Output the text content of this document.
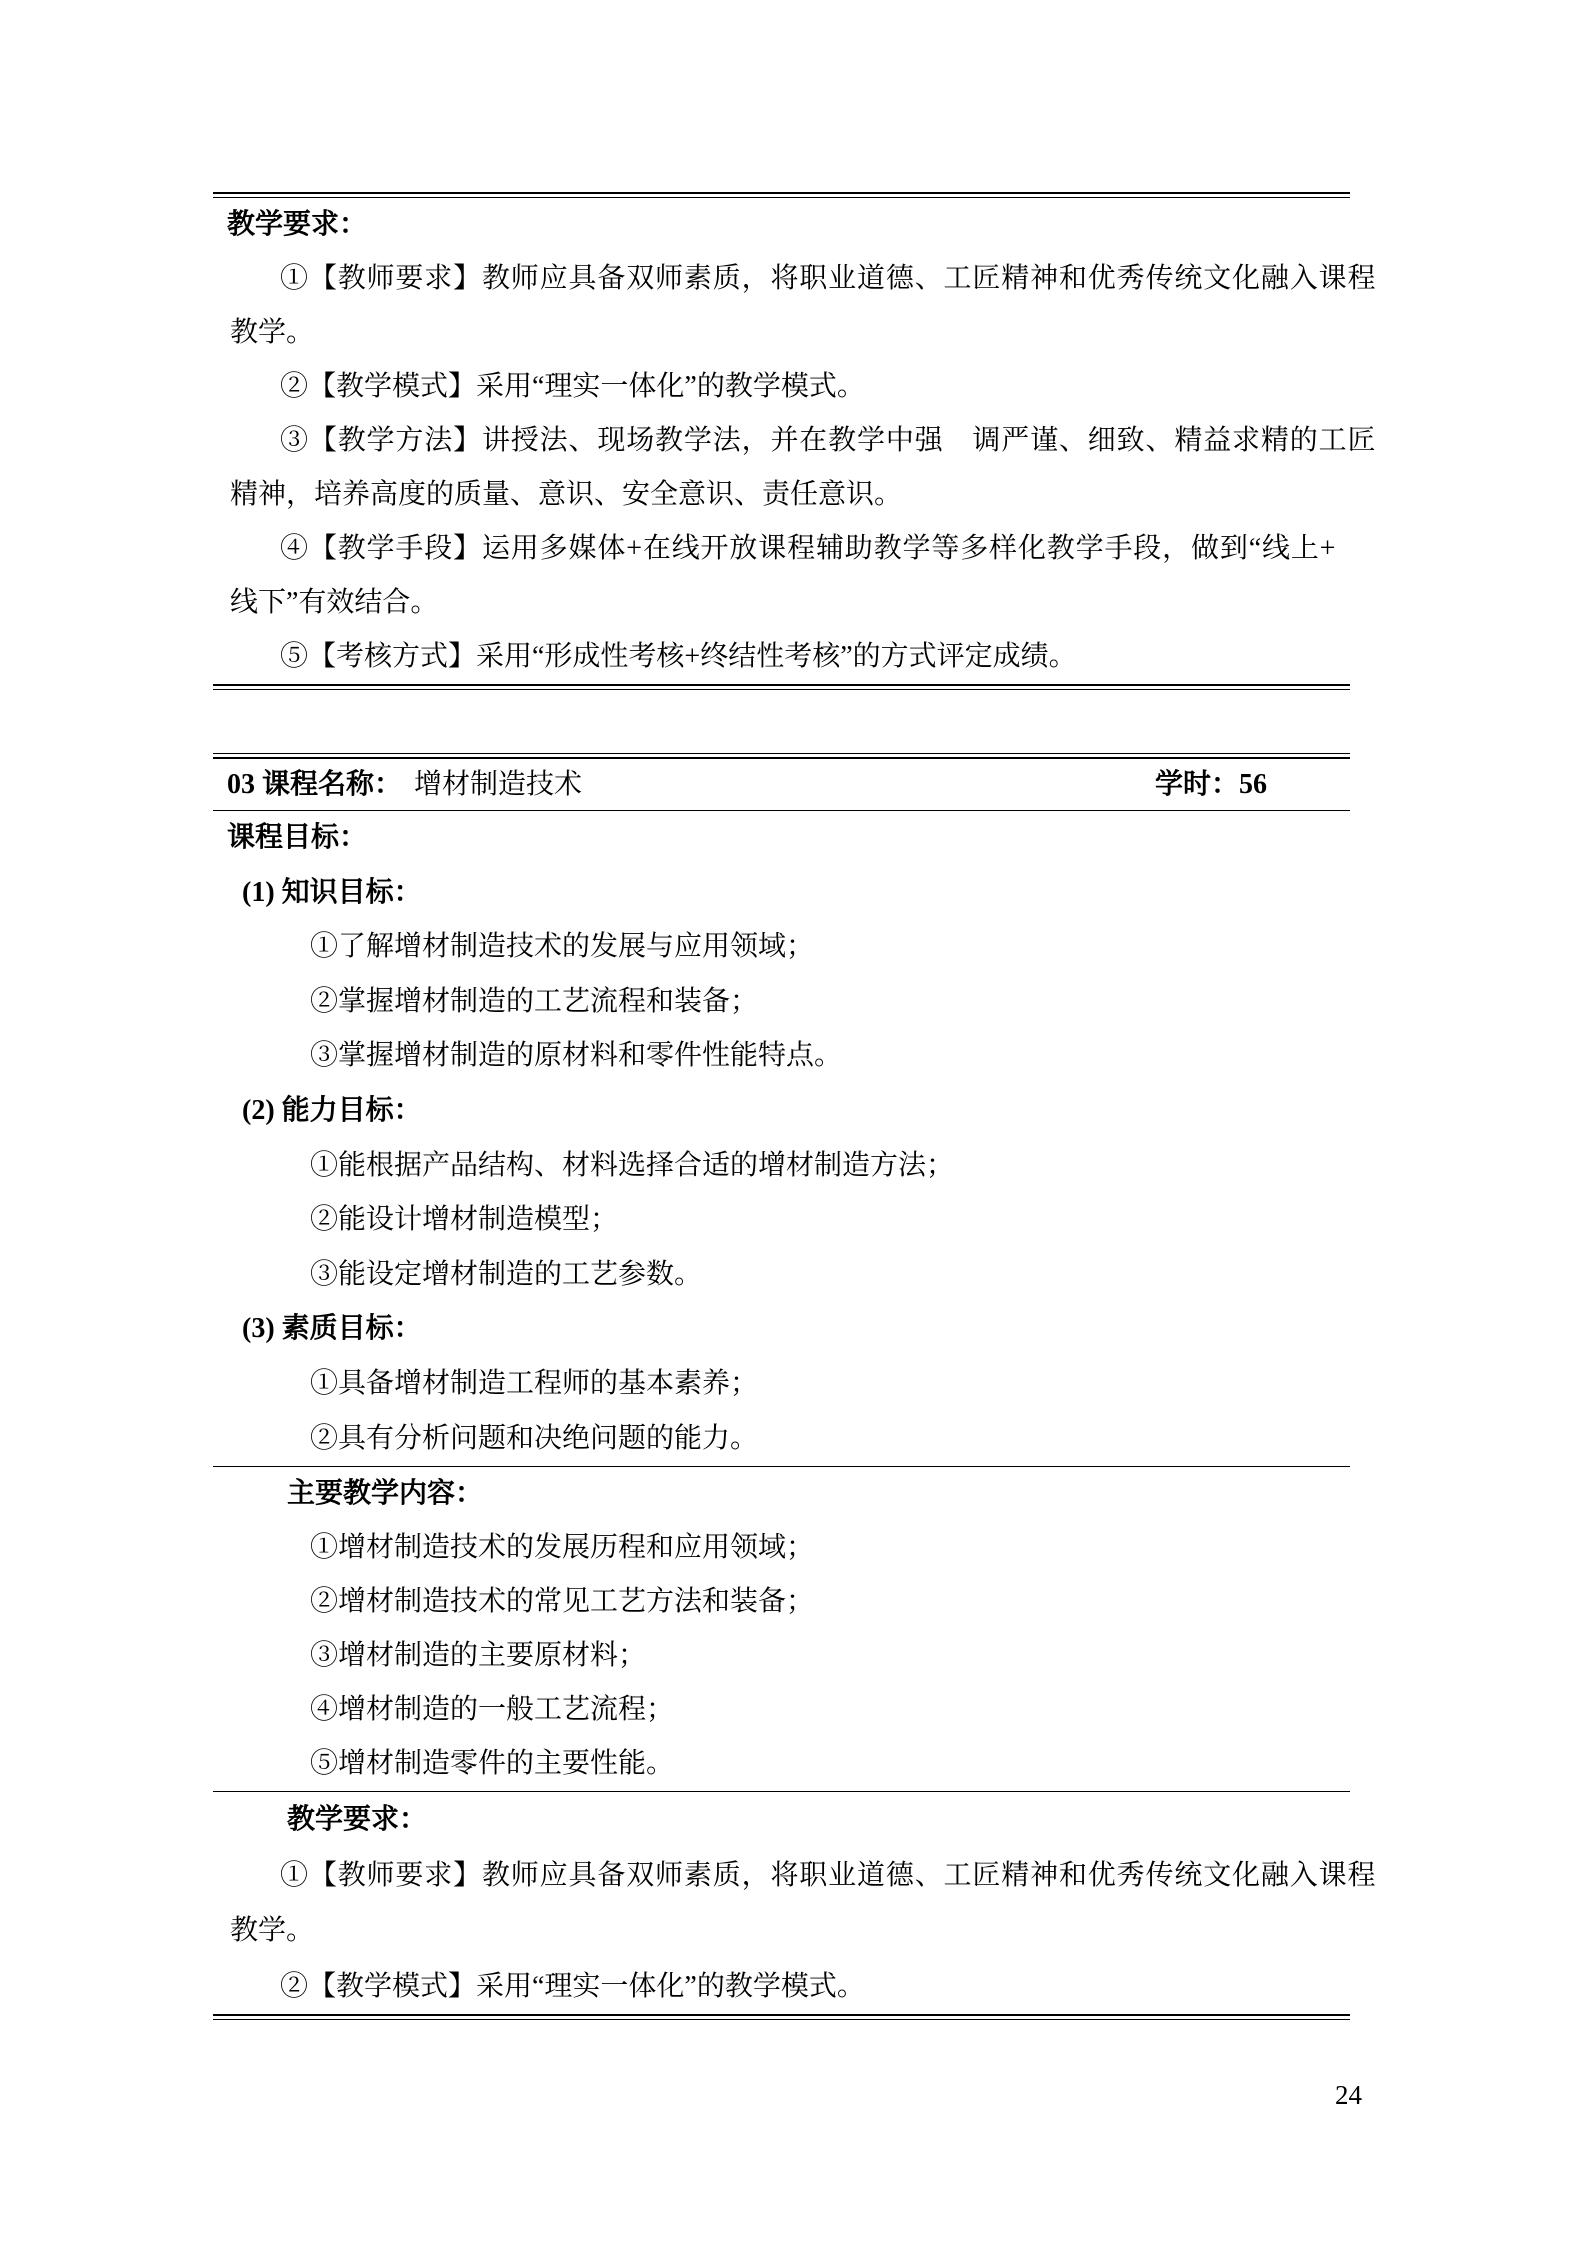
教学要求：
①【教师要求】教师应具备双师素质，将职业道德、工匠精神和优秀传统文化融入课程
教学。
②【教学模式】采用“理实一体化”的教学模式。
③【教学方法】讲授法、现场教学法，并在教学中强　调严谨、细致、精益求精的工匠
精神，培养高度的质量、意识、安全意识、责任意识。
④【教学手段】运用多媒体+在线开放课程辅助教学等多样化教学手段，做到“线上+
线下”有效结合。
⑤【考核方式】采用“形成性考核+终结性考核”的方式评定成绩。
03 课程名称： 增材制造技术	学时：56
课程目标：
(1) 知识目标：
①了解增材制造技术的发展与应用领域；
②掌握增材制造的工艺流程和装备；
③掌握增材制造的原材料和零件性能特点。
(2) 能力目标：
①能根据产品结构、材料选择合适的增材制造方法；
②能设计增材制造模型；
③能设定增材制造的工艺参数。
(3) 素质目标：
①具备增材制造工程师的基本素养；
②具有分析问题和决绝问题的能力。
主要教学内容：
①增材制造技术的发展历程和应用领域；
②增材制造技术的常见工艺方法和装备；
③增材制造的主要原材料；
④增材制造的一般工艺流程；
⑤增材制造零件的主要性能。
教学要求：
①【教师要求】教师应具备双师素质，将职业道德、工匠精神和优秀传统文化融入课程
教学。
②【教学模式】采用“理实一体化”的教学模式。
24
